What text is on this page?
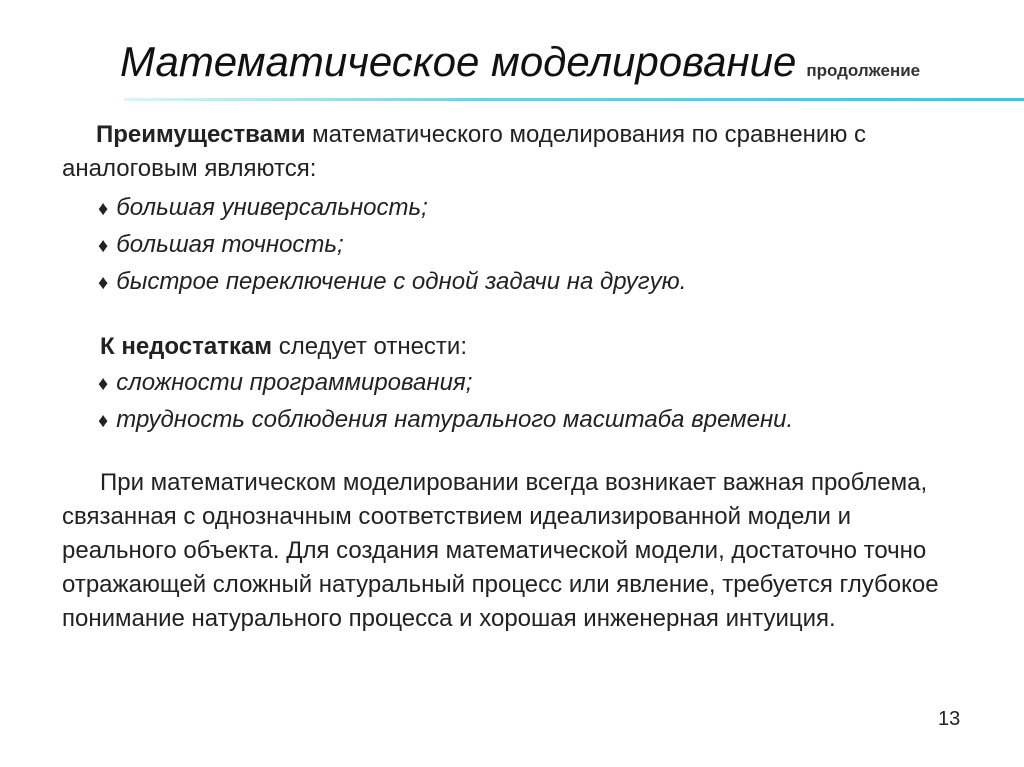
Математическое моделирование продолжение
Преимуществами математического моделирования по сравнению с аналоговым являются:
♦ большая универсальность;
♦ большая точность;
♦ быстрое переключение с одной задачи на другую.
К недостаткам следует отнести:
♦ сложности программирования;
♦ трудность соблюдения натурального масштаба времени.
При математическом моделировании всегда возникает важная проблема, связанная с однозначным соответствием идеализированной модели и реального объекта. Для создания математической модели, достаточно точно отражающей сложный натуральный процесс или явление, требуется глубокое понимание натурального процесса и хорошая инженерная интуиция.
13
